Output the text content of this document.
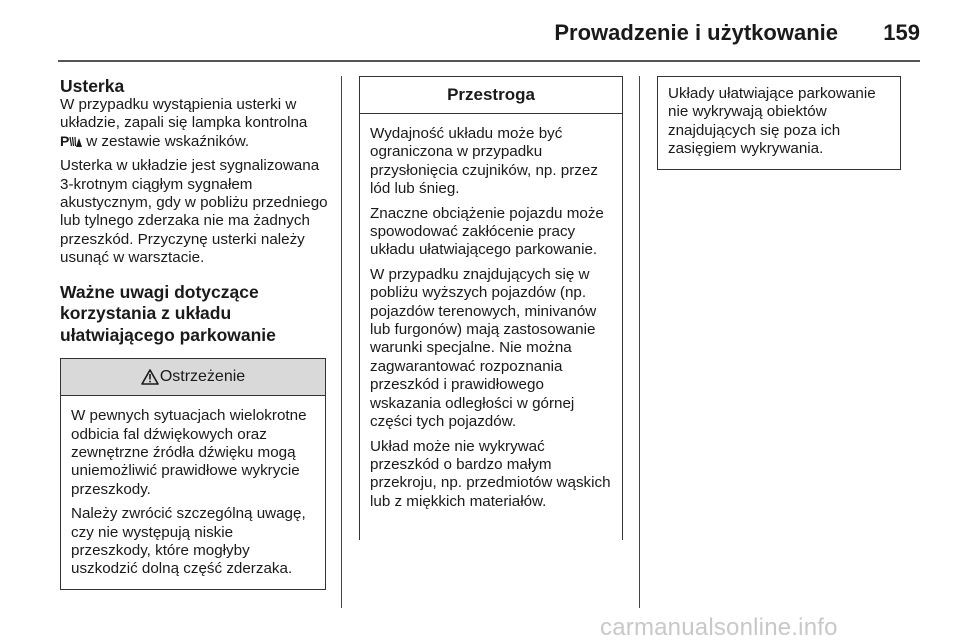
Prowadzenie i użytkowanie 159
Usterka

W przypadku wystąpienia usterki w układzie, zapali się lampka kontrolna
P w zestawie wskaźników.

Usterka w układzie jest sygnalizowana 3-krotnym ciągłym sygnałem akustycznym, gdy w pobliżu przedniego lub tylnego zderzaka nie ma żadnych przeszkód. Przyczynę usterki należy usunąć w warsztacie.

Ważne uwagi dotyczące korzystania z układu ułatwiającego parkowanie
Ostrzeżenie

W pewnych sytuacjach wielokrotne odbicia fal dźwiękowych oraz zewnętrzne źródła dźwięku mogą uniemożliwić prawidłowe wykrycie przeszkody.

Należy zwrócić szczególną uwagę, czy nie występują niskie przeszkody, które mogłyby uszkodzić dolną część zderzaka.

Przestroga

Wydajność układu może być ograniczona w przypadku przysłonięcia czujników, np. przez lód lub śnieg.

Znaczne obciążenie pojazdu może spowodować zakłócenie pracy układu ułatwiającego parkowanie.

W przypadku znajdujących się w pobliżu wyższych pojazdów (np. pojazdów terenowych, minivanów lub furgonów) mają zastosowanie warunki specjalne. Nie można zagwarantować rozpoznania przeszkód i prawidłowego wskazania odległości w górnej części tych pojazdów.

Układ może nie wykrywać przeszkód o bardzo małym przekroju, np. przedmiotów wąskich lub z miękkich materiałów.

Układy ułatwiające parkowanie nie wykrywają obiektów znajdujących się poza ich zasięgiem wykrywania.

carmanualsonline.info
